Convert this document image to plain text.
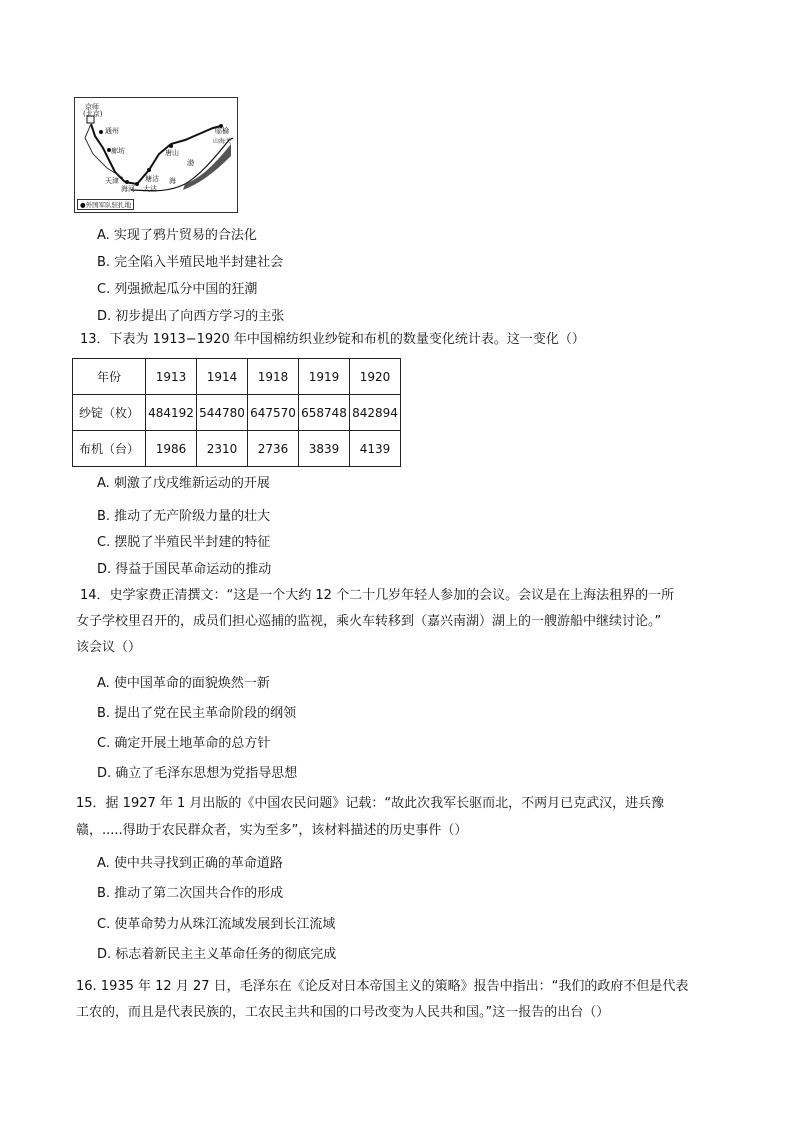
京师
(北京)
通州
廊坊	唐山
临榆
山海关
天津
海河
塘沽
大沽
海
渤
●外国军队驻扎地
A. 实现了鸦片贸易的合法化
B. 完全陷入半殖民地半封建社会
C. 列强掀起瓜分中国的狂潮
D. 初步提出了向西方学习的主张
13．下表为 1913−1920 年中国棉纺织业纱锭和布机的数量变化统计表。这一变化（）
年份	1913	1914	1918	1919	1920
纱锭（枚）	484192	544780	647570	658748	842894
布机（台）	1986	2310	2736	3839	4139
A. 刺激了戊戌维新运动的开展
B. 推动了无产阶级力量的壮大
C. 摆脱了半殖民半封建的特征
D. 得益于国民革命运动的推动
14．史学家费正清撰文：“这是一个大约 12 个二十几岁年轻人参加的会议。会议是在上海法租界的一所
女子学校里召开的，成员们担心巡捕的监视，乘火车转移到（嘉兴南湖）湖上的一艘游船中继续讨论。”
该会议（）
A. 使中国革命的面貌焕然一新
B. 提出了党在民主革命阶段的纲领
C. 确定开展土地革命的总方针
D. 确立了毛泽东思想为党指导思想
15．据 1927 年 1 月出版的《中国农民问题》记载：“故此次我军长驱而北，不两月已克武汉，进兵豫
赣，.....得助于农民群众者，实为至多”，该材料描述的历史事件（）
A. 使中共寻找到正确的革命道路
B. 推动了第二次国共合作的形成
C. 使革命势力从珠江流域发展到长江流域
D. 标志着新民主主义革命任务的彻底完成
16. 1935 年 12 月 27 日，毛泽东在《论反对日本帝国主义的策略》报告中指出：“我们的政府不但是代表
工农的，而且是代表民族的，工农民主共和国的口号改变为人民共和国。”这一报告的出台（）
